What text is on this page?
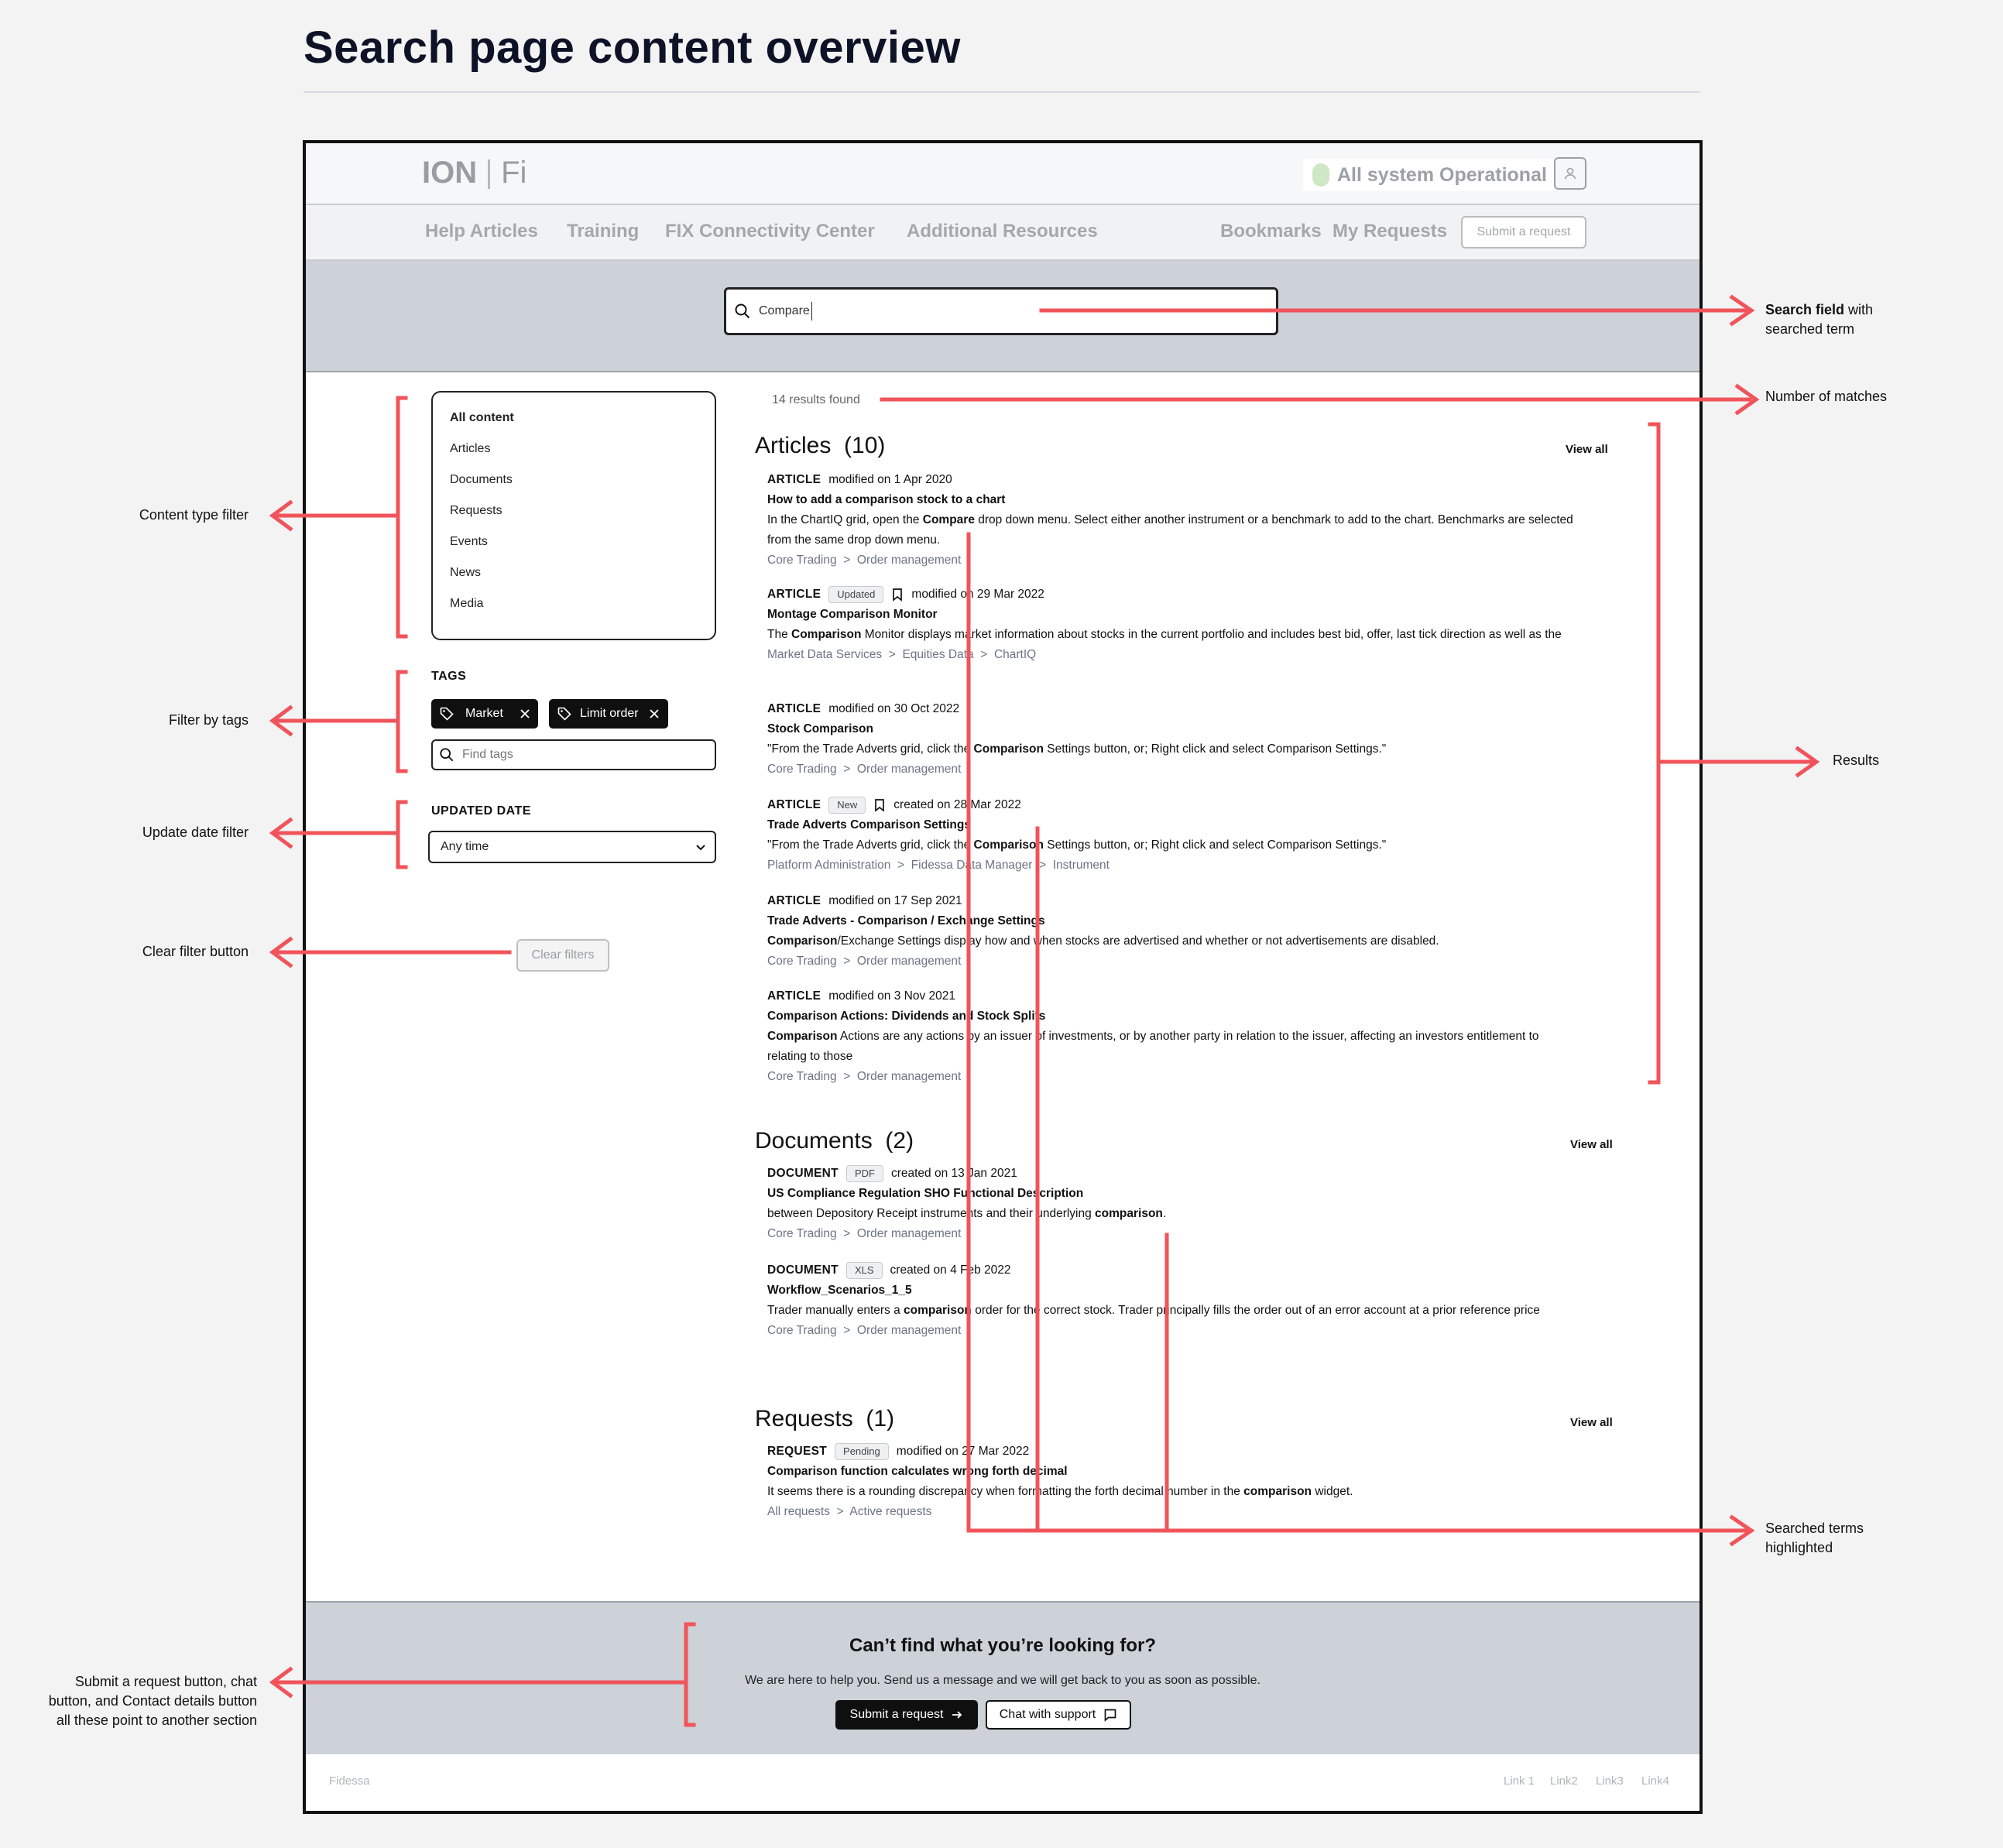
Search page content overview
ION Fi	All system Operational
Help Articles Training FIX Connectivity Center Additional Resources	Bookmarks My Requests	Submit a request
Compare
All content
Articles
Documents
Requests
Events
News
Media
TAGS
Market	Limit order
Find tags
UPDATED DATE
Any time
Clear filters
14 results found
Articles (10)	View all
ARTICLE modified on 1 Apr 2020
How to add a comparison stock to a chart
In the ChartIQ grid, open the Compare drop down menu. Select either another instrument or a benchmark to add to the chart. Benchmarks are selected from the same drop down menu.
Core Trading  >  Order management
ARTICLE	Updated	modified on 29 Mar 2022
Montage Comparison Monitor
The Comparison Monitor displays market information about stocks in the current portfolio and includes best bid, offer, last tick direction as well as the
Market Data Services  >  Equities Data  >  ChartIQ
ARTICLE modified on 30 Oct 2022
Stock Comparison
"From the Trade Adverts grid, click the Comparison Settings button, or; Right click and select Comparison Settings."
Core Trading  >  Order management
ARTICLE	New	created on 28 Mar 2022
Trade Adverts Comparison Settings
"From the Trade Adverts grid, click the Comparison Settings button, or; Right click and select Comparison Settings."
Platform Administration  >  Fidessa Data Manager  >  Instrument
ARTICLE modified on 17 Sep 2021
Trade Adverts - Comparison / Exchange Settings
Comparison/Exchange Settings display how and when stocks are advertised and whether or not advertisements are disabled.
Core Trading  >  Order management
ARTICLE modified on 3 Nov 2021
Comparison Actions: Dividends and Stock Splits
Comparison Actions are any actions by an issuer of investments, or by another party in relation to the issuer, affecting an investors entitlement to relating to those
Core Trading  >  Order management
Documents (2)	View all
DOCUMENT	PDF	created on 13 Jan 2021
US Compliance Regulation SHO Functional Description
between Depository Receipt instruments and their underlying comparison.
Core Trading  >  Order management
DOCUMENT	XLS	created on 4 Feb 2022
Workflow_Scenarios_1_5
Trader manually enters a comparison order for the correct stock. Trader principally fills the order out of an error account at a prior reference price
Core Trading  >  Order management
Requests (1)	View all
REQUEST	Pending	modified on 27 Mar 2022
Comparison function calculates wrong forth decimal
It seems there is a rounding discrepancy when formatting the forth decimal number in the comparison widget.
All requests  >  Active requests
Can’t find what you’re looking for?
We are here to help you. Send us a message and we will get back to you as soon as possible.
Submit a request	Chat with support
Fidessa	Link 1 Link2 Link3 Link4
Search field with
searched term
Number of matches
Content type filter
Results
Filter by tags
Update date filter
Clear filter button
Searched terms
highlighted
Submit a request button, chat
button, and Contact details button
all these point to another section
